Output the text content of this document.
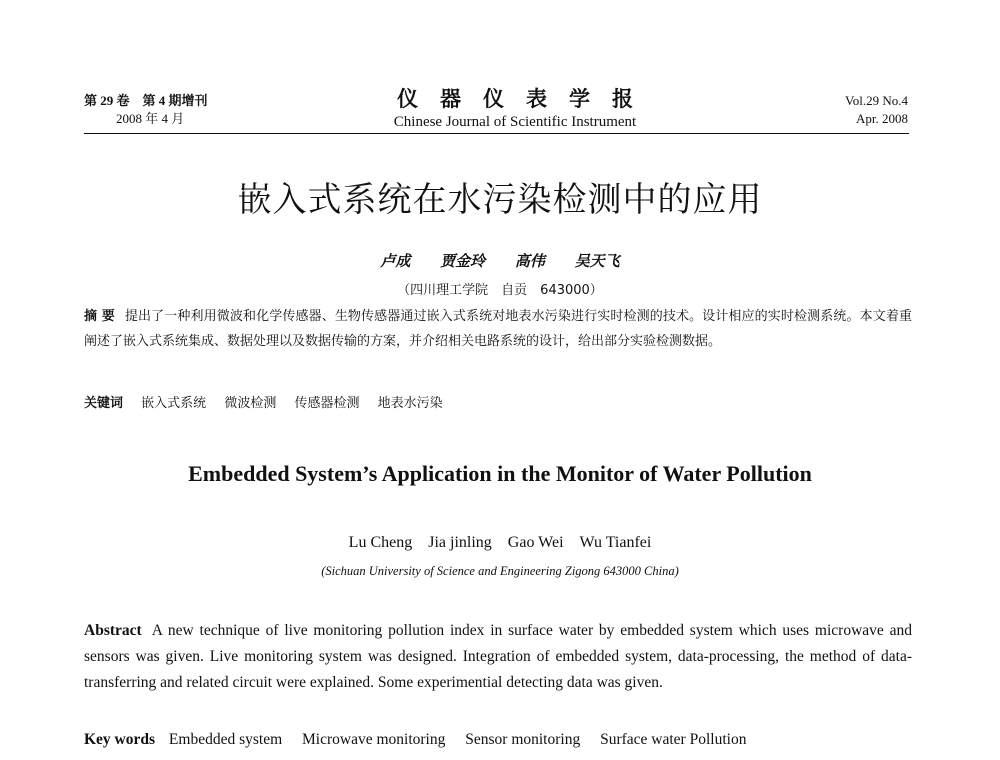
第 29 卷　第 4 期增刊
2008 年 4 月
仪器仪表学报
Chinese Journal of Scientific Instrument
Vol.29 No.4
Apr. 2008
嵌入式系统在水污染检测中的应用
卢成 贾金玲 高伟 吴天飞
（四川理工学院　自贡　643000）
摘 要 提出了一种利用微波和化学传感器、生物传感器通过嵌入式系统对地表水污染进行实时检测的技术。设计相应的实时检测系统。本文着重阐述了嵌入式系统集成、数据处理以及数据传输的方案，并介绍相关电路系统的设计，给出部分实验检测数据。
关键词 嵌入式系统 微波检测 传感器检测 地表水污染
Embedded System’s Application in the Monitor of Water Pollution
Lu Cheng Jia jinling Gao Wei Wu Tianfei
(Sichuan University of Science and Engineering Zigong 643000 China)
Abstract A new technique of live monitoring pollution index in surface water by embedded system which uses microwave and sensors was given. Live monitoring system was designed. Integration of embedded system, data-processing, the method of data-transferring and related circuit were explained. Some experimential detecting data was given.
Key words Embedded system Microwave monitoring Sensor monitoring Surface water Pollution
